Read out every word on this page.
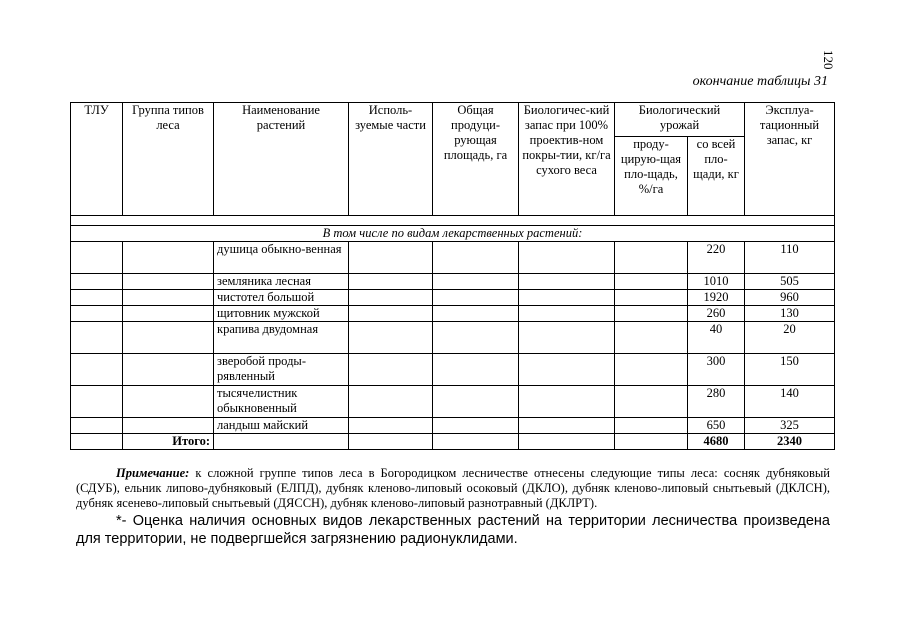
120
окончание таблицы 31
ТЛУ	Группа типов леса	Наименование растений	Исполь-зуемые части	Общая продуци-рующая площадь, га	Биологичес-кий запас при 100% проектив-ном покры-тии, кг/га сухого веса	Биологический урожай		Эксплуа-тационный запас, кг
						проду-цирую-щая пло-щадь, %/га	со всей пло-щади, кг	

В том числе по видам лекарственных растений:								
		душица обыкно-венная					220	110
		земляника лесная					1010	505
		чистотел большой					1920	960
		щитовник мужской					260	130
		крапива двудомная					40	20
		зверобой проды-рявленный					300	150
		тысячелистник обыкновенный					280	140
		ландыш майский					650	325
	Итого:						4680	2340
Примечание: к сложной группе типов леса в Богородицком лесничестве отнесены следующие типы леса: сосняк дубняковый (СДУБ), ельник липово-дубняковый (ЕЛПД), дубняк кленово-липовый осоковый (ДКЛО), дубняк кленово-липовый снытьевый (ДКЛСН), дубняк ясенево-липовый снытьевый (ДЯССН), дубняк кленово-липовый разнотравный (ДКЛРТ).
*- Оценка наличия основных видов лекарственных растений на территории лесничества произведена для территории, не подвергшейся загрязнению радионуклидами.
